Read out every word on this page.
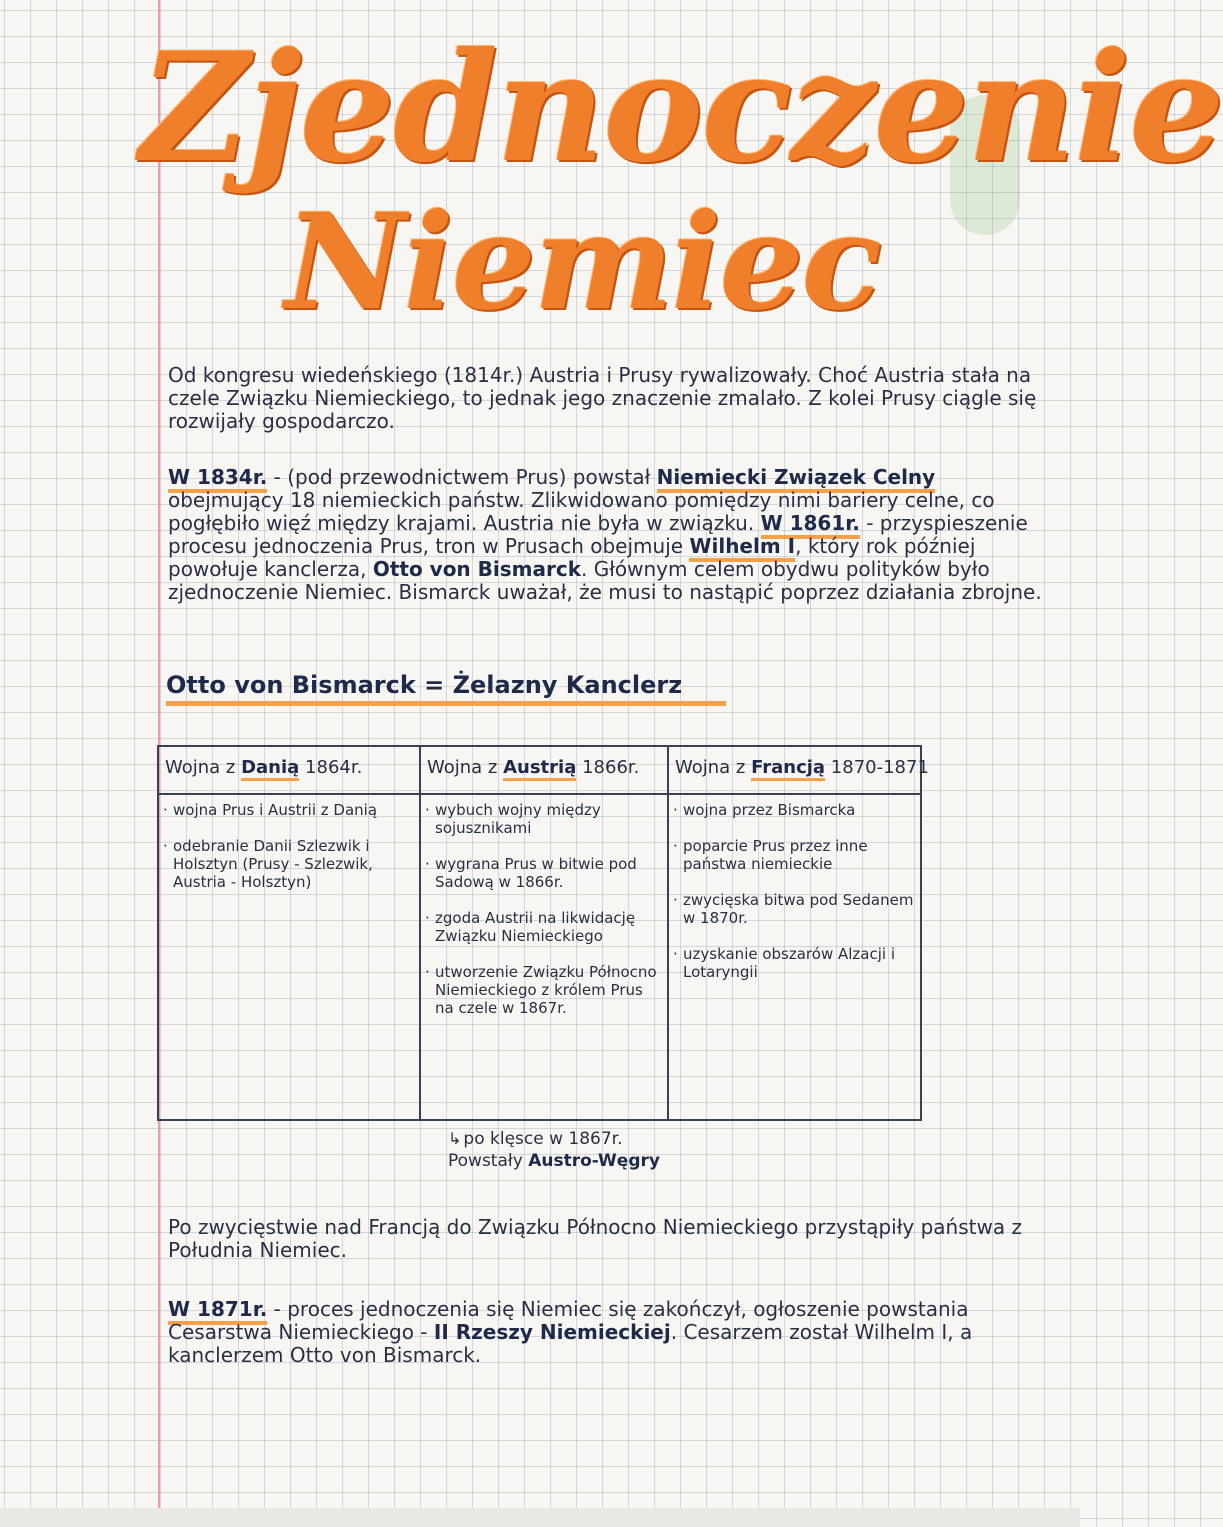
Zjednoczenie
Niemiec

Od kongresu wiedeńskiego (1814r.) Austria i Prusy rywalizowały. Choć Austria stała na czele Związku Niemieckiego, to jednak jego znaczenie zmalało. Z kolei Prusy ciągle się rozwijały gospodarczo.

W 1834r. - (pod przewodnictwem Prus) powstał Niemiecki Związek Celny obejmujący 18 niemieckich państw. Zlikwidowano pomiędzy nimi bariery celne, co pogłębiło więź między krajami. Austria nie była w związku. W 1861r. - przyspieszenie procesu jednoczenia Prus, tron w Prusach obejmuje Wilhelm I, który rok później powołuje kanclerza, Otto von Bismarck. Głównym celem obydwu polityków było zjednoczenie Niemiec. Bismarck uważał, że musi to nastąpić poprzez działania zbrojne.

Otto von Bismarck = Żelazny Kanclerz
Wojna z Danią 1864r.
· wojna Prus i Austrii z Danią
· odebranie Danii Szlezwik i Holsztyn (Prusy - Szlezwik, Austria - Holsztyn)
Wojna z Austrią 1866r.
· wybuch wojny między sojusznikami
· wygrana Prus w bitwie pod Sadową w 1866r.
· zgoda Austrii na likwidację Związku Niemieckiego
· utworzenie Związku Północno Niemieckiego z królem Prus na czele w 1867r.
Wojna z Francją 1870-1871
· wojna przez Bismarcka
· poparcie Prus przez inne państwa niemieckie
· zwycięska bitwa pod Sedanem w 1870r.
· uzyskanie obszarów Alzacji i Lotaryngii
↳ po klęsce w 1867r.
Powstały Austro-Węgry

Po zwycięstwie nad Francją do Związku Północno Niemieckiego przystąpiły państwa z Południa Niemiec.

W 1871r. - proces jednoczenia się Niemiec się zakończył, ogłoszenie powstania Cesarstwa Niemieckiego - II Rzeszy Niemieckiej. Cesarzem został Wilhelm I, a kanclerzem Otto von Bismarck.
